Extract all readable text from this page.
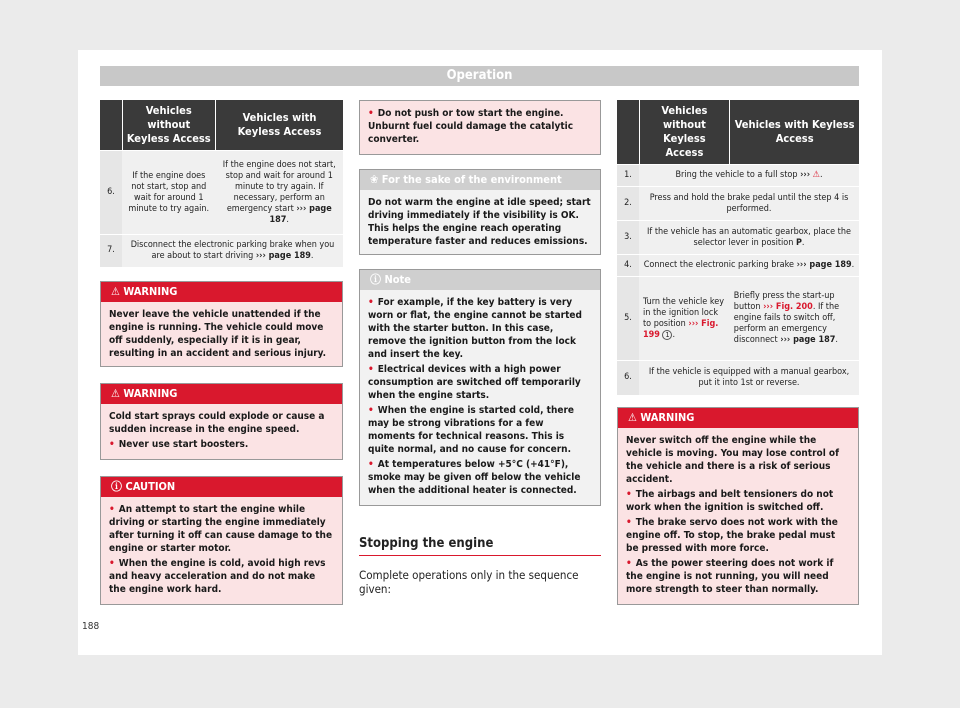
Operation
	Vehicles without Keyless Access	Vehicles with Keyless Access
6.	If the engine does not start, stop and wait for around 1 minute to try again.	If the engine does not start, stop and wait for around 1 minute to try again. If necessary, perform an emergency start ››› page 187.
7.	Disconnect the electronic parking brake when you are about to start driving ››› page 189.	
⚠ WARNING
Never leave the vehicle unattended if the engine is running. The vehicle could move off suddenly, especially if it is in gear, resulting in an accident and serious injury.
⚠ WARNING

Cold start sprays could explode or cause a sudden increase in the engine speed.

• Never use start boosters.

ⓘ CAUTION

• An attempt to start the engine while driving or starting the engine immediately after turning it off can cause damage to the engine or starter motor.

• When the engine is cold, avoid high revs and heavy acceleration and do not make the engine work hard.

• Do not push or tow start the engine. Unburnt fuel could damage the catalytic converter.

❀ For the sake of the environment
Do not warm the engine at idle speed; start driving immediately if the visibility is OK. This helps the engine reach operating temperature faster and reduces emissions.
ⓘ Note

• For example, if the key battery is very worn or flat, the engine cannot be started with the starter button. In this case, remove the ignition button from the lock and insert the key.

• Electrical devices with a high power consumption are switched off temporarily when the engine starts.

• When the engine is started cold, there may be strong vibrations for a few moments for technical reasons. This is quite normal, and no cause for concern.

• At temperatures below +5°C (+41°F), smoke may be given off below the vehicle when the additional heater is connected.

Stopping the engine
Complete operations only in the sequence given:
	Vehicles without Keyless Access	Vehicles with Keyless Access
1.	Bring the vehicle to a full stop ››› ⚠.	
2.	Press and hold the brake pedal until the step 4 is performed.	
3.	If the vehicle has an automatic gearbox, place the selector lever in position P.	
4.	Connect the electronic parking brake ››› page 189.	
5.	Turn the vehicle key in the ignition lock to position ››› Fig. 199 1 .	Briefly press the start-up button ››› Fig. 200. If the engine fails to switch off, perform an emergency disconnect ››› page 187.
6.	If the vehicle is equipped with a manual gearbox, put it into 1st or reverse.	
⚠ WARNING

Never switch off the engine while the vehicle is moving. You may lose control of the vehicle and there is a risk of serious accident.

• The airbags and belt tensioners do not work when the ignition is switched off.

• The brake servo does not work with the engine off. To stop, the brake pedal must be pressed with more force.

• As the power steering does not work if the engine is not running, you will need more strength to steer than normally.

188
